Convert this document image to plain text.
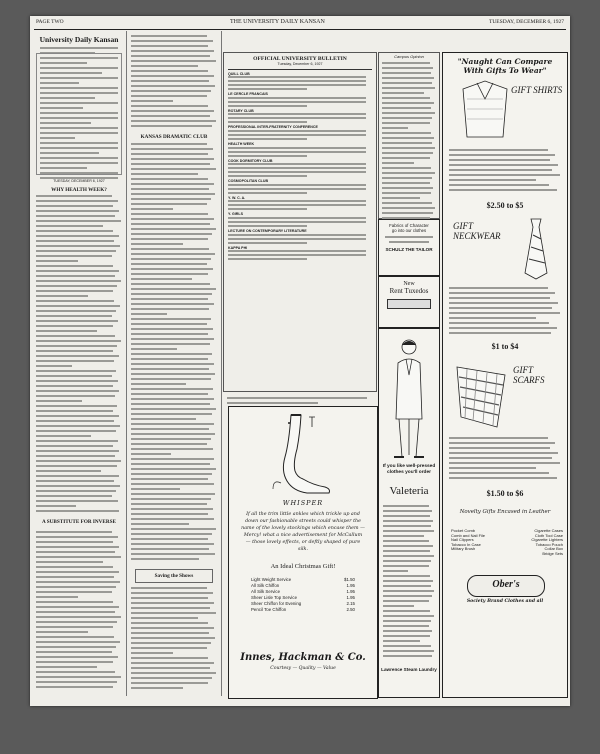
PAGE TWO	THE UNIVERSITY DAILY KANSAN	TUESDAY, DECEMBER 6, 1927
University Daily Kansan
TUESDAY, DECEMBER 6, 1927
WHY HEALTH WEEK?
A SUBSTITUTE FOR INVERSE
KANSAS DRAMATIC CLUB
Saving the Shows
OFFICIAL UNIVERSITY BULLETIN
Tuesday, December 6, 1927
QUILL CLUB
LE CERCLE FRANCAIS
ROTARY CLUB
PROFESSIONAL INTER-FRATERNITY CONFERENCE
HEALTH WEEK
COOK DORMITORY CLUB
COSMOPOLITAN CLUB
Y. W. C. A.
Y. GIRLS
LECTURE ON CONTEMPORARY LITERATURE
KAPPA PHI
WHISPER
If all the trim little ankles which trickle up and down our fashionable streets could whisper the name of the lovely stockings which encase them — Mercy! what a nice advertisement for McCallum — those lovely effects, or deftly shaped of pure silk.
An Ideal Christmas Gift!
Light Weight Service	$1.50
All Silk Chiffon	1.95
All Silk Service	1.95
Sheer Lisle Top Service	1.95
Sheer Chiffon for Evening	2.15
Pencil Toe Chiffon	2.50
Innes, Hackman & Co.
Courtesy — Quality — Value
Campus Opinion
Fabrics of Character
go into our clothes
SCHULZ THE TAILOR
New
Rent Tuxedos
If you like well-pressed clothes you'll order
Valeteria
Lawrence Steam Laundry
"Naught Can Compare With Gifts To Wear"
GIFT SHIRTS
$2.50 to $5
GIFT NECKWEAR
$1 to $4
GIFT SCARFS
$1.50 to $6
Novelty Gifts Encased in Leather
Pocket Comb
Comb and Nail File
Nail Clippers
Tobacco In Case
Military Brush
Cigarette Cases
Cloth Tool Case
Cigarette Lighters
Tobacco Pouch
Collar Box
Bridge Sets
Ober's
Society Brand Clothes and all
